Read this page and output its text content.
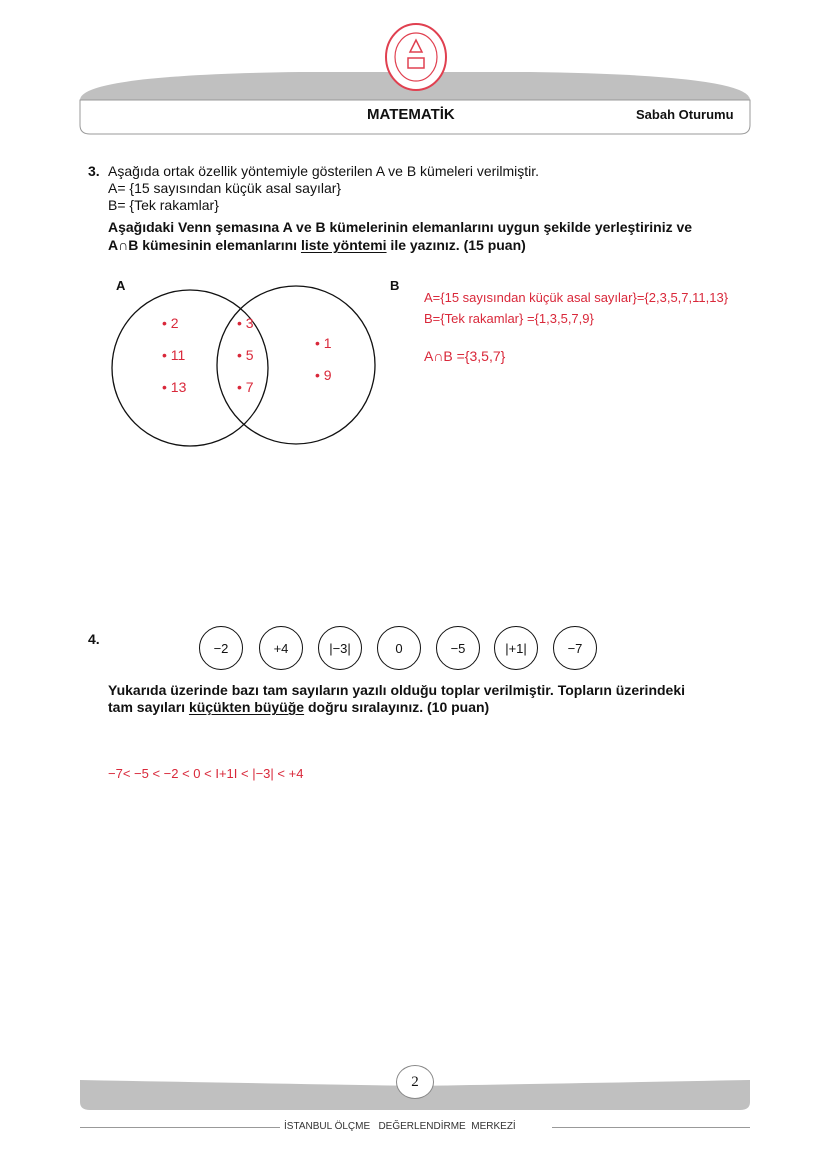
MATEMATİK	Sabah Oturumu
3. Aşağıda ortak özellik yöntemiyle gösterilen A ve B kümeleri verilmiştir.
A= {15 sayısından küçük asal sayılar}
B= {Tek rakamlar}
Aşağıdaki Venn şemasına A ve B kümelerinin elemanlarını uygun şekilde yerleştiriniz ve
A∩B kümesinin elemanlarını liste yöntemi ile yazınız. (15 puan)
A	B
• 2
• 11
• 13
• 3
• 5
• 7
• 1
• 9
A={15 sayısından küçük asal sayılar}={2,3,5,7,11,13}
B={Tek rakamlar} ={1,3,5,7,9}
A∩B ={3,5,7}
4.
−2	+4	|−3|	0	−5	|+1|	−7
Yukarıda üzerinde bazı tam sayıların yazılı olduğu toplar verilmiştir. Topların üzerindeki
tam sayıları küçükten büyüğe doğru sıralayınız. (10 puan)
−7< −5 < −2 < 0 < I+1I < |−3| < +4
2
İSTANBUL ÖLÇME   DEĞERLENDİRME  MERKEZİ
